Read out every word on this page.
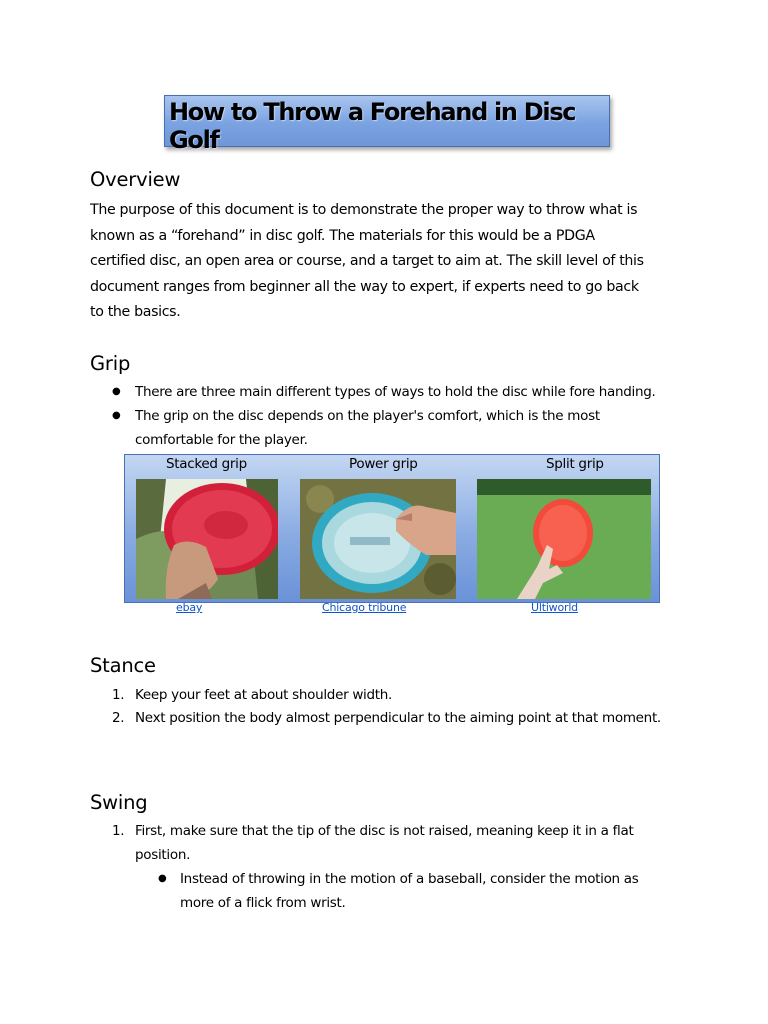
How to Throw a Forehand in Disc Golf
Overview
The purpose of this document is to demonstrate the proper way to throw what is
known as a “forehand” in disc golf. The materials for this would be a PDGA
certified disc, an open area or course, and a target to aim at. The skill level of this
document ranges from beginner all the way to expert, if experts need to go back
to the basics.
Grip
● There are three main different types of ways to hold the disc while fore handing.
● The grip on the disc depends on the player's comfort, which is the most
comfortable for the player.
Stacked grip	Power grip	Split grip
ebay	Chicago tribune	Ultiworld
Stance
1. Keep your feet at about shoulder width.
2. Next position the body almost perpendicular to the aiming point at that moment.
Swing
1. First, make sure that the tip of the disc is not raised, meaning keep it in a flat
position.
● Instead of throwing in the motion of a baseball, consider the motion as
more of a flick from wrist.
